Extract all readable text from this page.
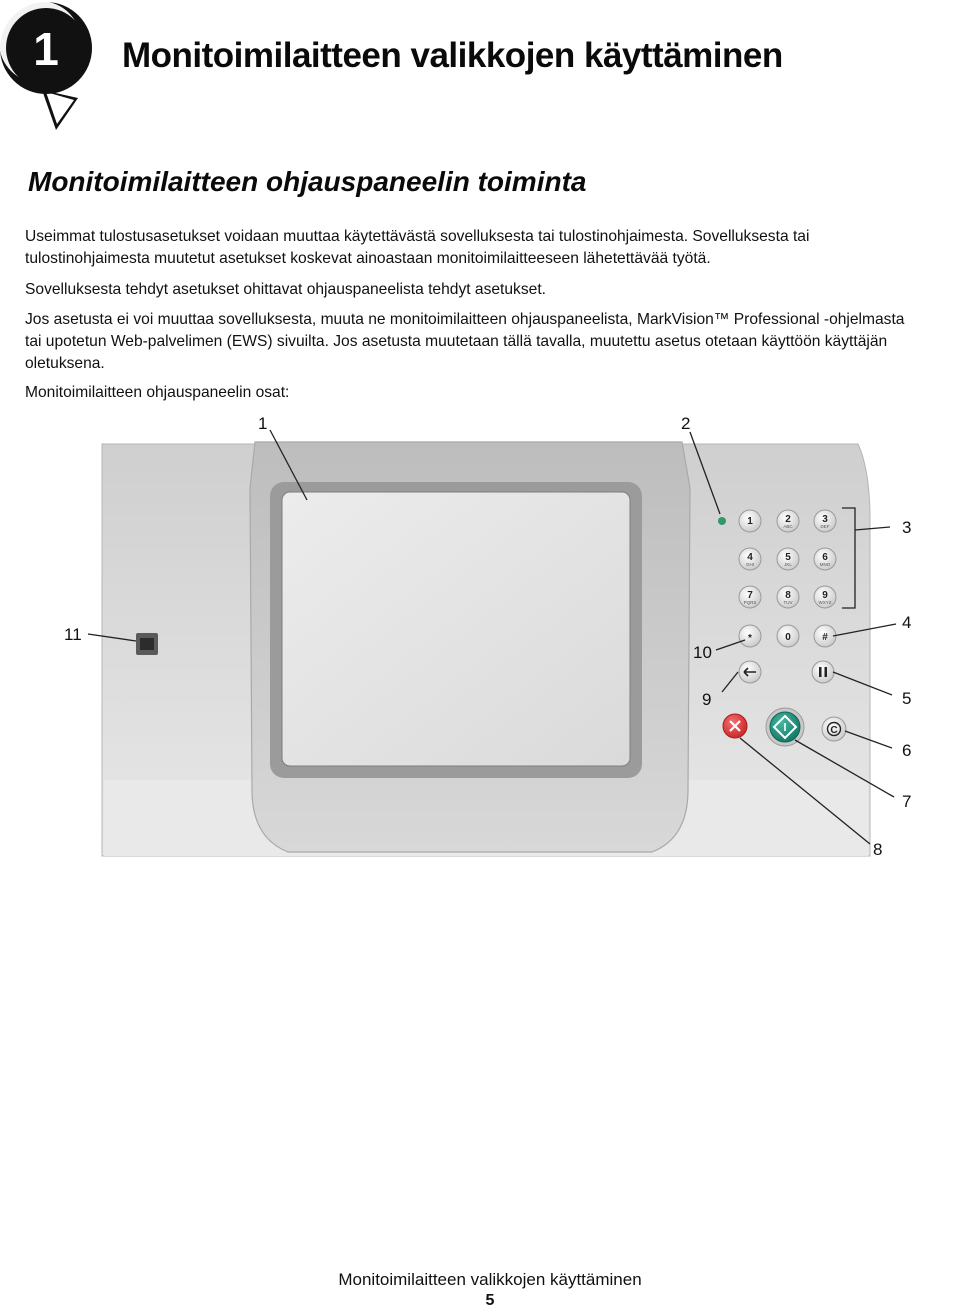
1 Monitoimilaitteen valikkojen käyttäminen
Monitoimilaitteen ohjauspaneelin toiminta

Useimmat tulostusasetukset voidaan muuttaa käytettävästä sovelluksesta tai tulostinohjaimesta. Sovelluksesta tai tulostinohjaimesta muutetut asetukset koskevat ainoastaan monitoimilaitteeseen lähetettävää työtä.

Sovelluksesta tehdyt asetukset ohittavat ohjauspaneelista tehdyt asetukset.

Jos asetusta ei voi muuttaa sovelluksesta, muuta ne monitoimilaitteen ohjauspaneelista, MarkVision™ Professional -ohjelmasta tai upotetun Web-palvelimen (EWS) sivuilta. Jos asetusta muutetaan tällä tavalla, muutettu asetus otetaan käyttöön käyttäjän oletuksena.

Monitoimilaitteen ohjauspaneelin osat:

1	2
ABC
3
DEF
4
GHI
5
JKL
6
MNO
7
PQRS
8
TUV
9
WXYZ
*	0	#
C
1	2
3
4
5
6
7
8
9
10
11
Monitoimilaitteen valikkojen käyttäminen
5
